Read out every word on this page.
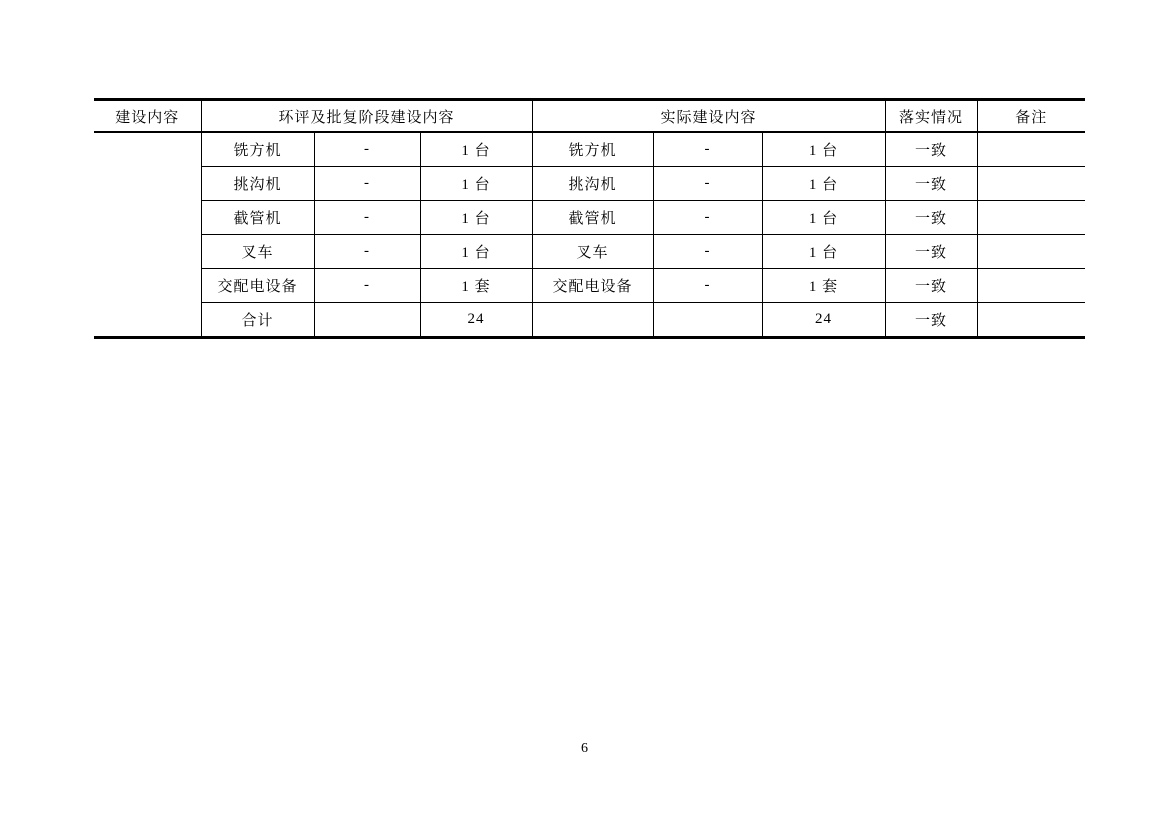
建设内容	环评及批复阶段建设内容			实际建设内容			落实情况	备注
	铣方机	-	1 台	铣方机	-	1 台	一致	
	挑沟机	-	1 台	挑沟机	-	1 台	一致	
	截管机	-	1 台	截管机	-	1 台	一致	
	叉车	-	1 台	叉车	-	1 台	一致	
	交配电设备	-	1 套	交配电设备	-	1 套	一致	
	合计		24			24	一致	
6
